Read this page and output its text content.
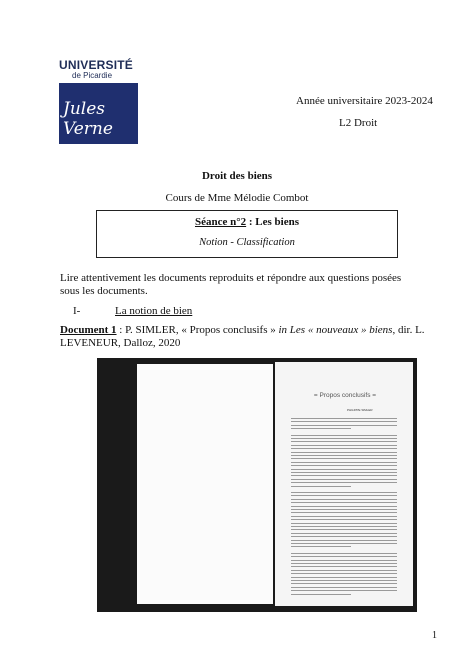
UNIVERSITÉ
de Picardie
Jules Verne
Année universitaire 2023-2024
L2 Droit
Droit des biens
Cours de Mme Mélodie Combot
Séance n°2 : Les biens
Notion - Classification
Lire attentivement les documents reproduits et répondre aux questions posées sous les documents.
I-	La notion de bien
Document 1 : P. SIMLER, « Propos conclusifs » in Les « nouveaux » biens, dir. L. LEVENEUR, Dalloz, 2020
= Propos conclusifs =
PHILIPPE SIMLER
1
